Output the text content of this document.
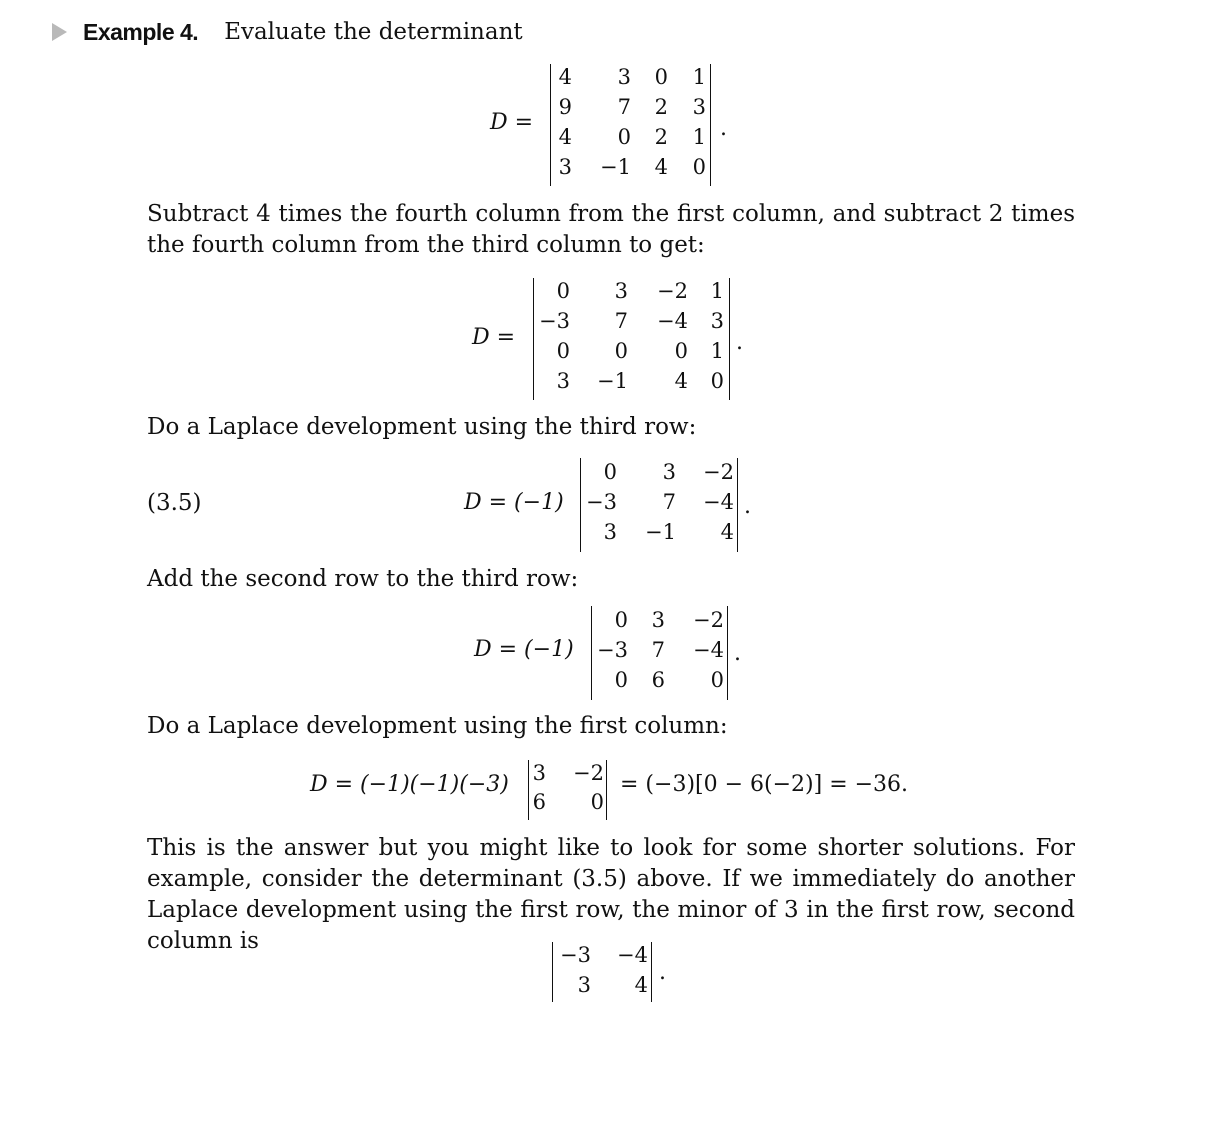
Example 4. Evaluate the determinant
D =	.
Subtract 4 times the fourth column from the first column, and subtract 2 times the fourth column from the third column to get:
D =	.
Do a Laplace development using the third row:
(3.5)	D = (−1)	.
Add the second row to the third row:
D = (−1)	.
Do a Laplace development using the first column:
D = (−1)(−1)(−3)	= (−3)[0 − 6(−2)] = −36.
This is the answer but you might like to look for some shorter solutions. For example, consider the determinant (3.5) above. If we immediately do another Laplace development using the first row, the minor of 3 in the first row, second column is
.
4	3	0	1
9	7	2	3
4	0	2	1
3	−1	4	0
0	3	−2	1
−3	7	−4	3
0	0	0	1
3	−1	4	0
0	3	−2
−3	7	−4
3	−1	4
0	3	−2
−3	7	−4
0	6	0
3	−2
6	0
−3	−4
3	4
